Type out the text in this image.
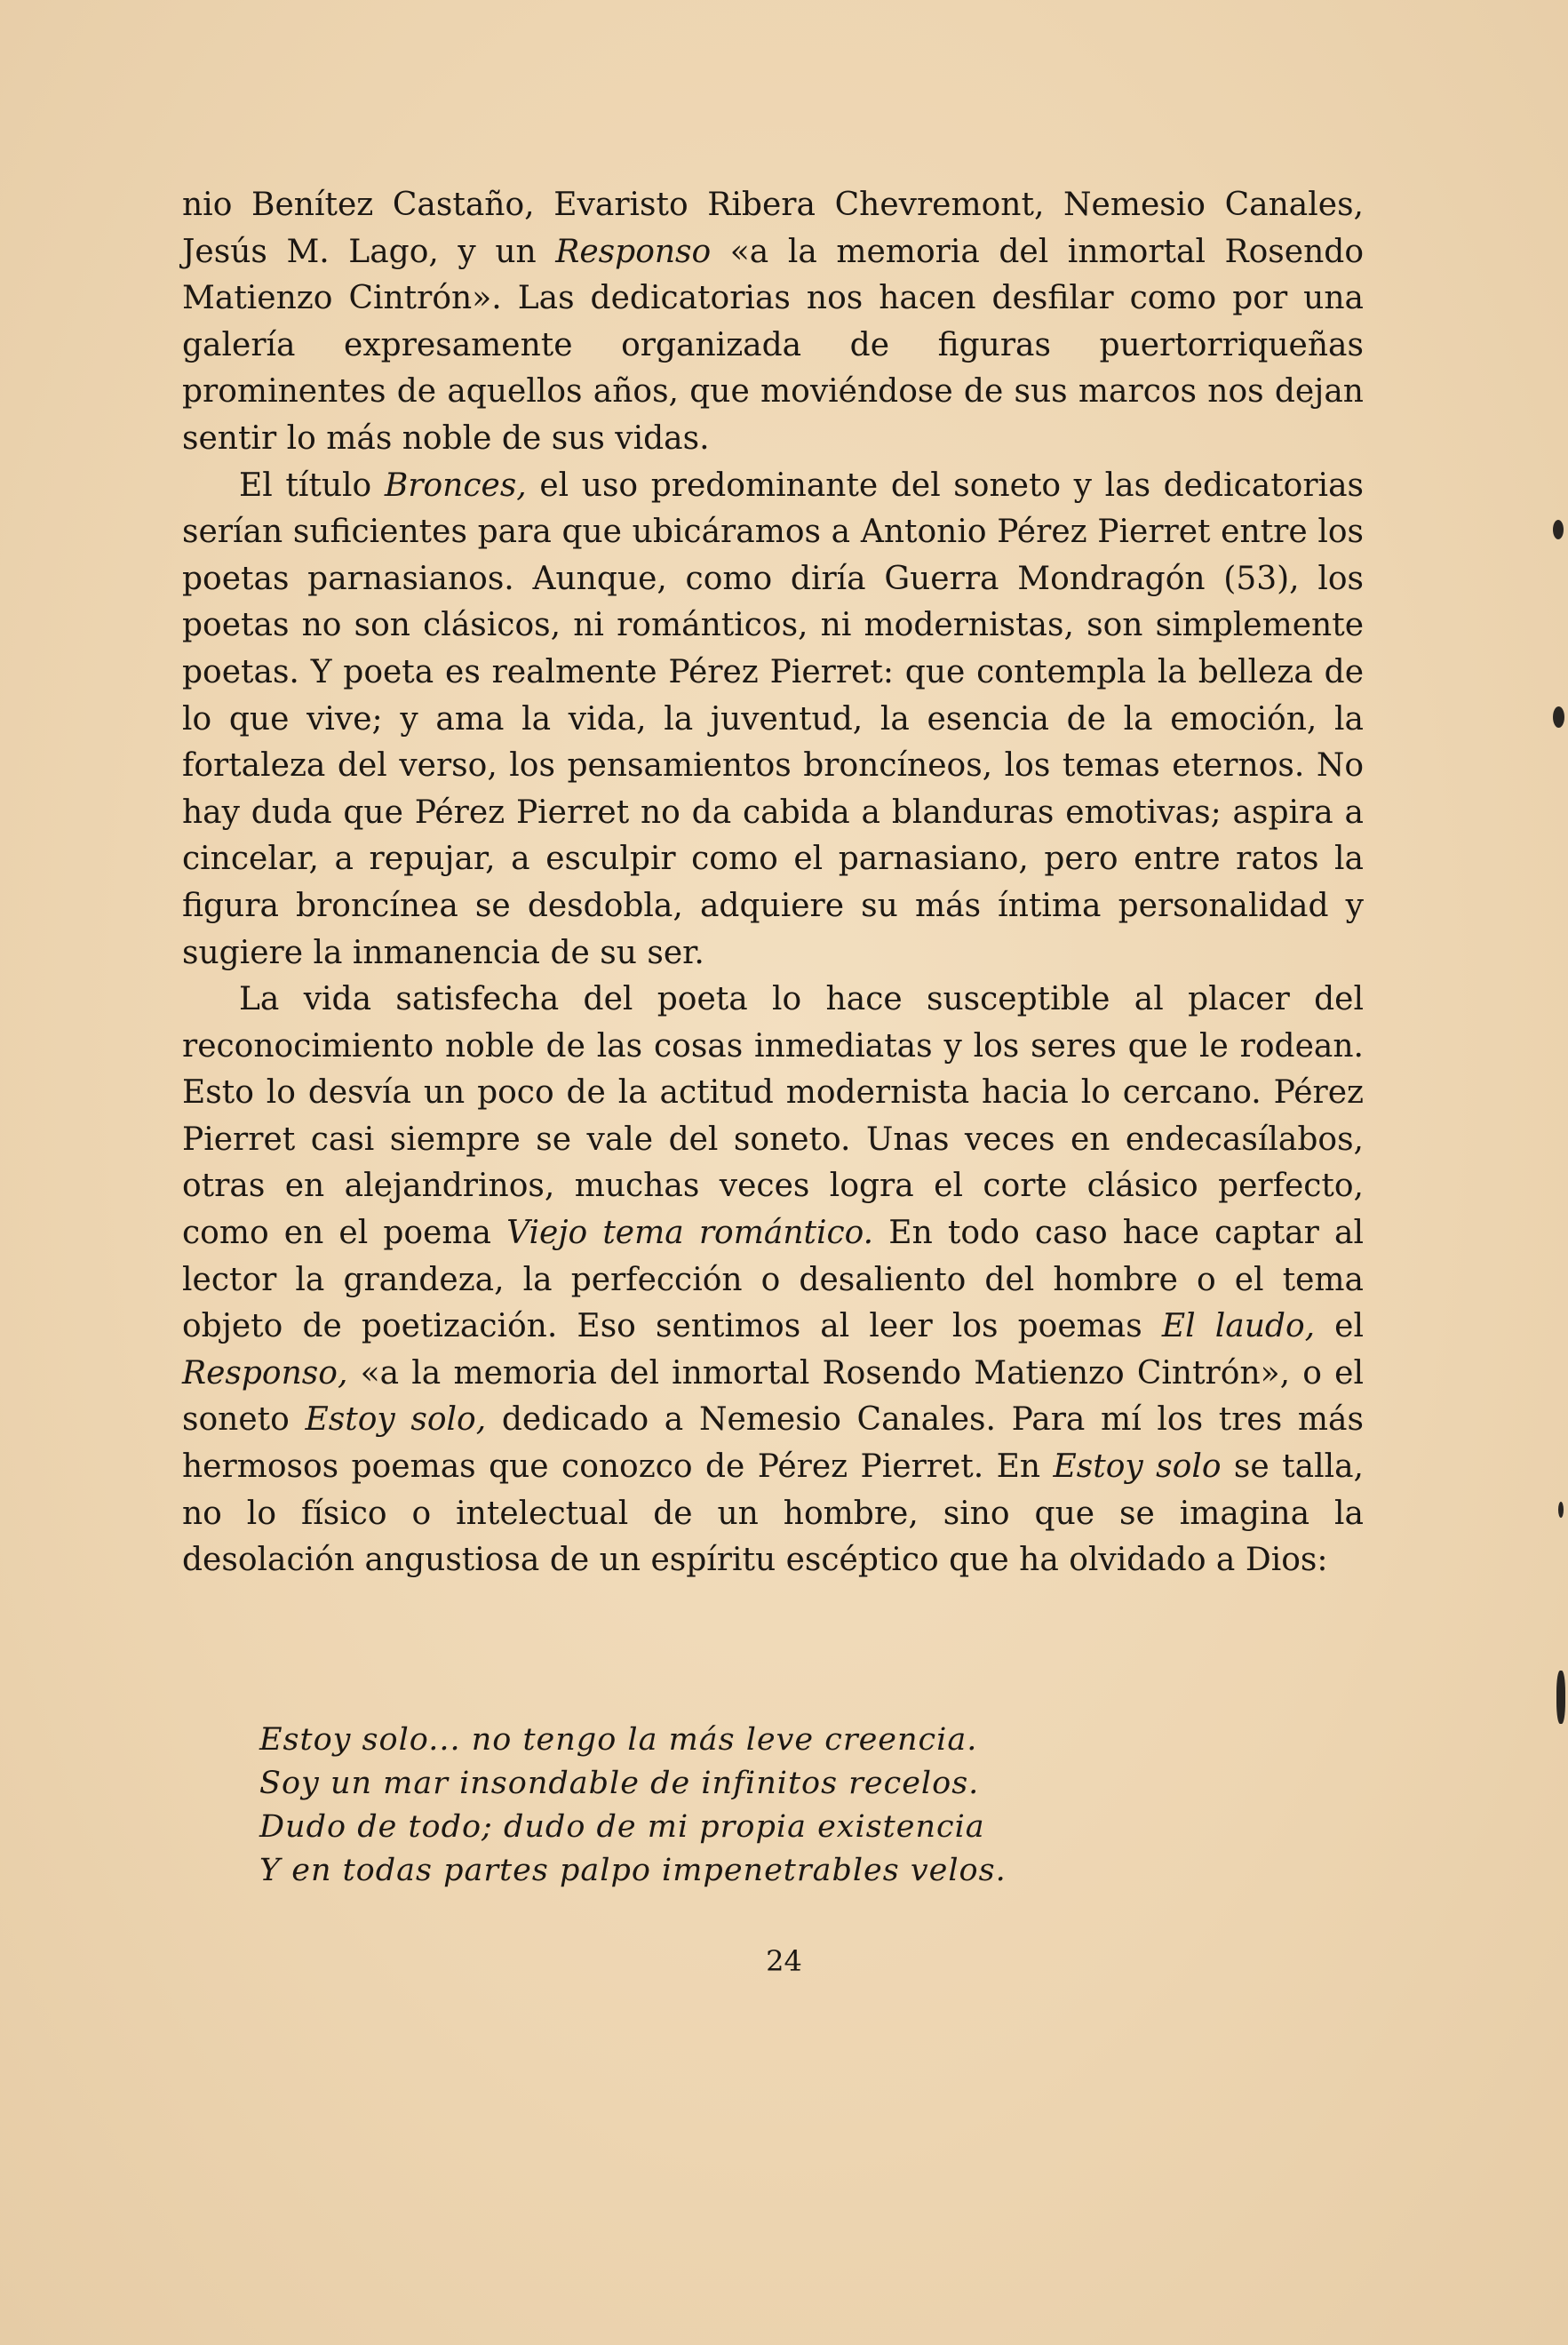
nio Benítez Castaño, Evaristo Ribera Chevremont, Nemesio Canales, Jesús M. Lago, y un Responso «a la memoria del inmortal Rosendo Matienzo Cintrón». Las dedicatorias nos hacen desfilar como por una galería expresamente organizada de figuras puertorriqueñas prominentes de aquellos años, que moviéndose de sus marcos nos dejan sentir lo más noble de sus vidas.

El título Bronces, el uso predominante del soneto y las dedicatorias serían suficientes para que ubicáramos a Antonio Pérez Pierret entre los poetas parnasianos. Aunque, como diría Guerra Mondragón (53), los poetas no son clásicos, ni románticos, ni modernistas, son simplemente poetas. Y poeta es realmente Pérez Pierret: que contempla la belleza de lo que vive; y ama la vida, la juventud, la esencia de la emoción, la fortaleza del verso, los pensamientos broncíneos, los temas eternos. No hay duda que Pérez Pierret no da cabida a blanduras emotivas; aspira a cincelar, a repujar, a esculpir como el parnasiano, pero entre ratos la figura broncínea se desdobla, adquiere su más íntima personalidad y sugiere la inmanencia de su ser.

La vida satisfecha del poeta lo hace susceptible al placer del reconocimiento noble de las cosas inmediatas y los seres que le rodean. Esto lo desvía un poco de la actitud modernista hacia lo cercano. Pérez Pierret casi siempre se vale del soneto. Unas veces en endecasílabos, otras en alejandrinos, muchas veces logra el corte clásico perfecto, como en el poema Viejo tema romántico. En todo caso hace captar al lector la grandeza, la perfección o desaliento del hombre o el tema objeto de poetización. Eso sentimos al leer los poemas El laudo, el Responso, «a la memoria del inmortal Rosendo Matienzo Cintrón», o el soneto Estoy solo, dedicado a Nemesio Canales. Para mí los tres más hermosos poemas que conozco de Pérez Pierret. En Estoy solo se talla, no lo físico o intelectual de un hombre, sino que se imagina la desolación angustiosa de un espíritu escéptico que ha olvidado a Dios:

Estoy solo... no tengo la más leve creencia.
Soy un mar insondable de infinitos recelos.
Dudo de todo; dudo de mi propia existencia
Y en todas partes palpo impenetrables velos.
24
